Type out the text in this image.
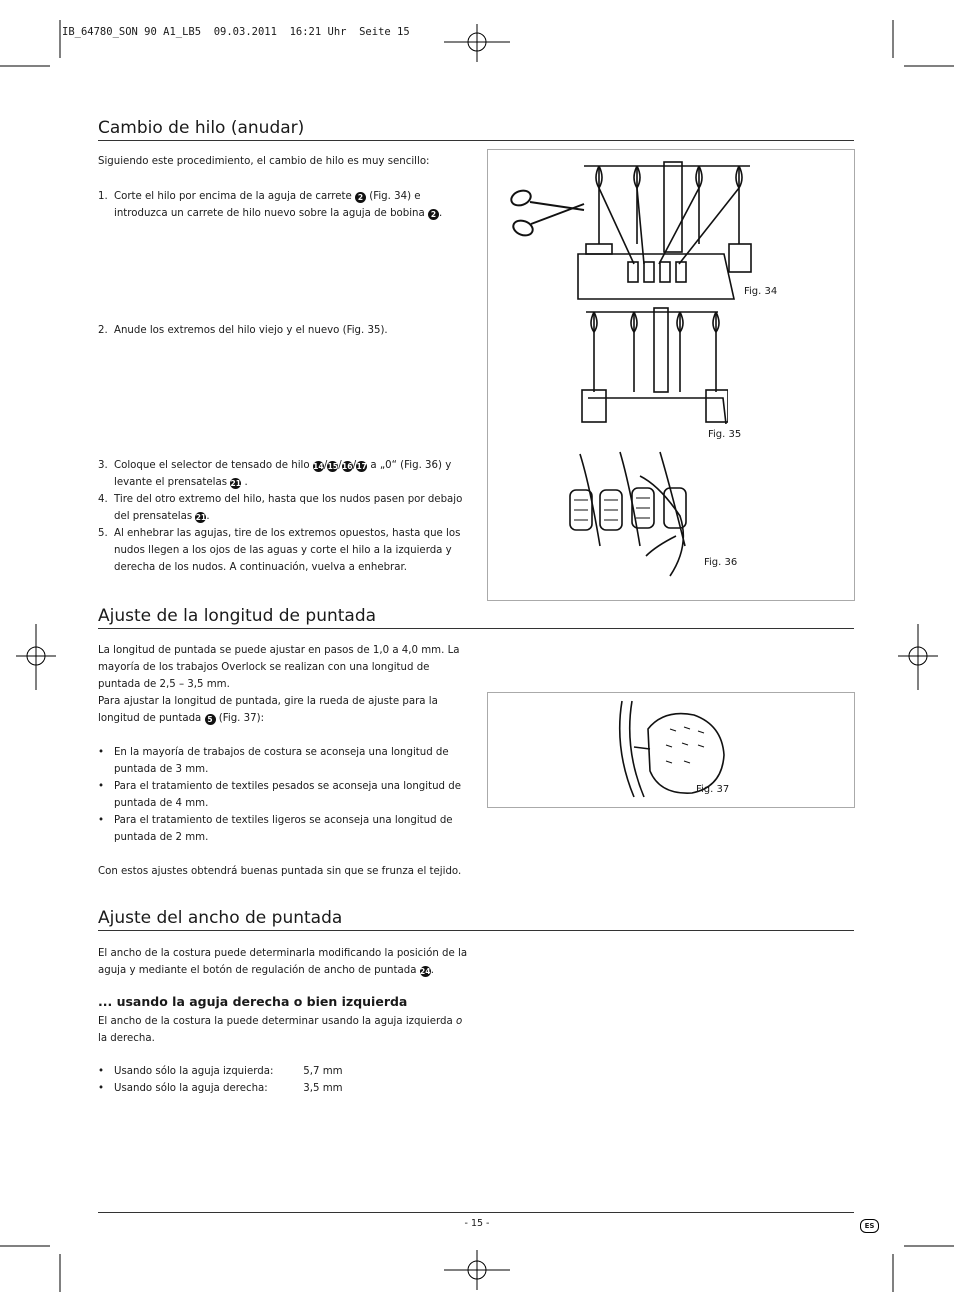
IB_64780_SON 90 A1_LB5  09.03.2011  16:21 Uhr  Seite 15
Cambio de hilo (anudar)
Siguiendo este procedimiento, el cambio de hilo es muy sencillo:
1. Corte el hilo por encima de la aguja de carrete 2 (Fig. 34) e introduzca un carrete de hilo nuevo sobre la aguja de bobina 2 .
2. Anude los extremos del hilo viejo y el nuevo (Fig. 35).
3. Coloque el selector de tensado de hilo 14/15/16/17 a „0“ (Fig. 36) y levante el prensatelas 21 .
4. Tire del otro extremo del hilo, hasta que los nudos pasen por debajo del prensatelas 21.
5. Al enhebrar las agujas, tire de los extremos opuestos, hasta que los nudos llegen a los ojos de las aguas y corte el hilo a la izquierda y derecha de los nudos. A continuación, vuelva a enhebrar.
Fig. 34
Fig. 35
Fig. 36
Ajuste de la longitud de puntada
La longitud de puntada se puede ajustar en pasos de 1,0 a 4,0 mm. La mayoría de los trabajos Overlock se realizan con una longitud de puntada de 2,5 – 3,5 mm.
Para ajustar la longitud de puntada, gire la rueda de ajuste para la longitud de puntada 5 (Fig. 37):
• En la mayoría de trabajos de costura se aconseja una longitud de puntada de 3 mm.
• Para el tratamiento de textiles pesados se aconseja una longitud de puntada de 4 mm.
• Para el tratamiento de textiles ligeros se aconseja una longitud de puntada de 2 mm.
Con estos ajustes obtendrá buenas puntada sin que se frunza el tejido.
Fig. 37
Ajuste del ancho de puntada
El ancho de la costura puede determinarla modificando la posición de la aguja y mediante el botón de regulación de ancho de puntada 24.
... usando la aguja derecha o bien izquierda
El ancho de la costura la puede determinar usando la aguja izquierda o la derecha.
• Usando sólo la aguja izquierda:	5,7 mm
• Usando sólo la aguja derecha:	3,5 mm
- 15 -	ES
